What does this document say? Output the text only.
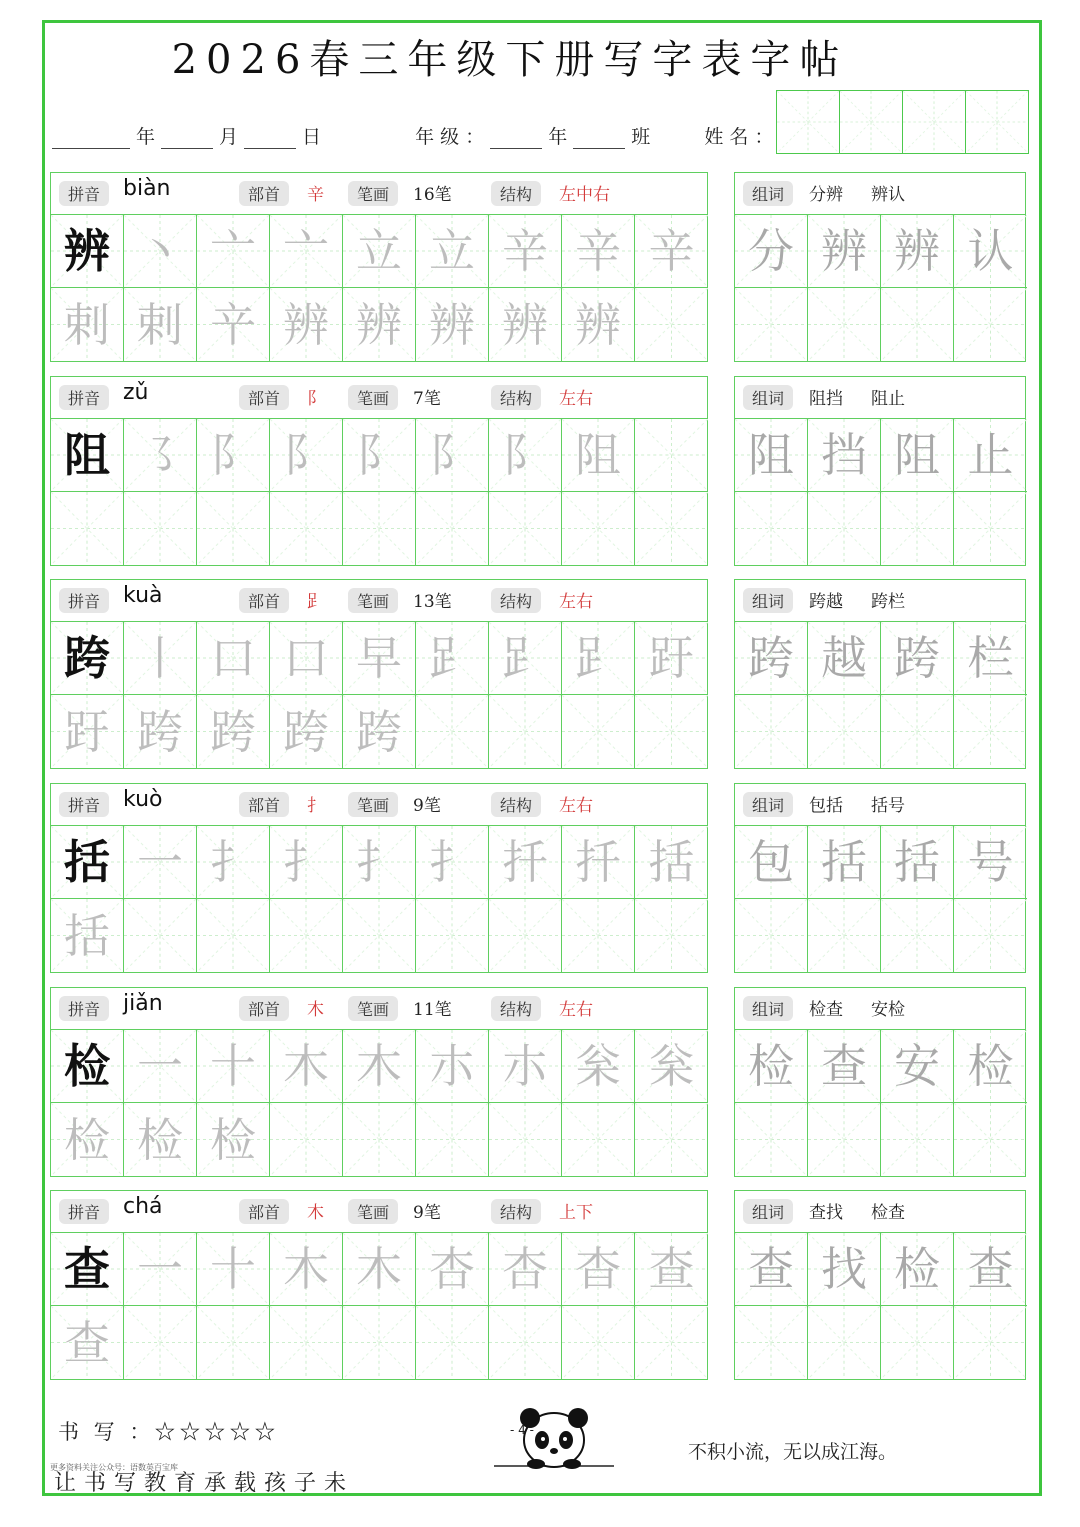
2026春三年级下册写字表字帖
年	月	日	年 级 ：	年	班	姓 名 ：
拼音	biàn	部首	辛	笔画	16笔	结构	左中右
辨 丶 亠 亠 立 立 辛 辛 辛
剌 剌 䇂 辨 辨 辨 辨 辨
组词	分辨 辨认
分 辨 辨 认
拼音	zǔ	部首	阝	笔画	7笔	结构	左右
阻 ㇌ 阝 阝 阝 阝 阝 阻
组词	阻挡 阻止
阻 挡 阻 止
拼音	kuà	部首	𧾷	笔画	13笔	结构	左右
跨 丨 口 口 早 𧾷 𧾷 𧾷 趶
趶 跨 跨 跨 跨
组词	跨越 跨栏
跨 越 跨 栏
拼音	kuò	部首	扌	笔画	9笔	结构	左右
括 一 扌 扌 扌 扌 扦 扦 括
括
组词	包括 括号
包 括 括 号
拼音	jiǎn	部首	木	笔画	11笔	结构	左右
检 一 十 木 木 朩 朩 枀 枀
检 检 检
组词	检查 安检
检 查 安 检
拼音	chá	部首	木	笔画	9笔	结构	上下
查 一 十 木 木 杏 杏 杳 查
查
组词	查找 检查
查 找 检 查
书 写 ：☆☆☆☆☆	- 4 -
不积小流，无以成江海。
更多资料关注公众号：语数英百宝库
让书写教育承载孩子未
